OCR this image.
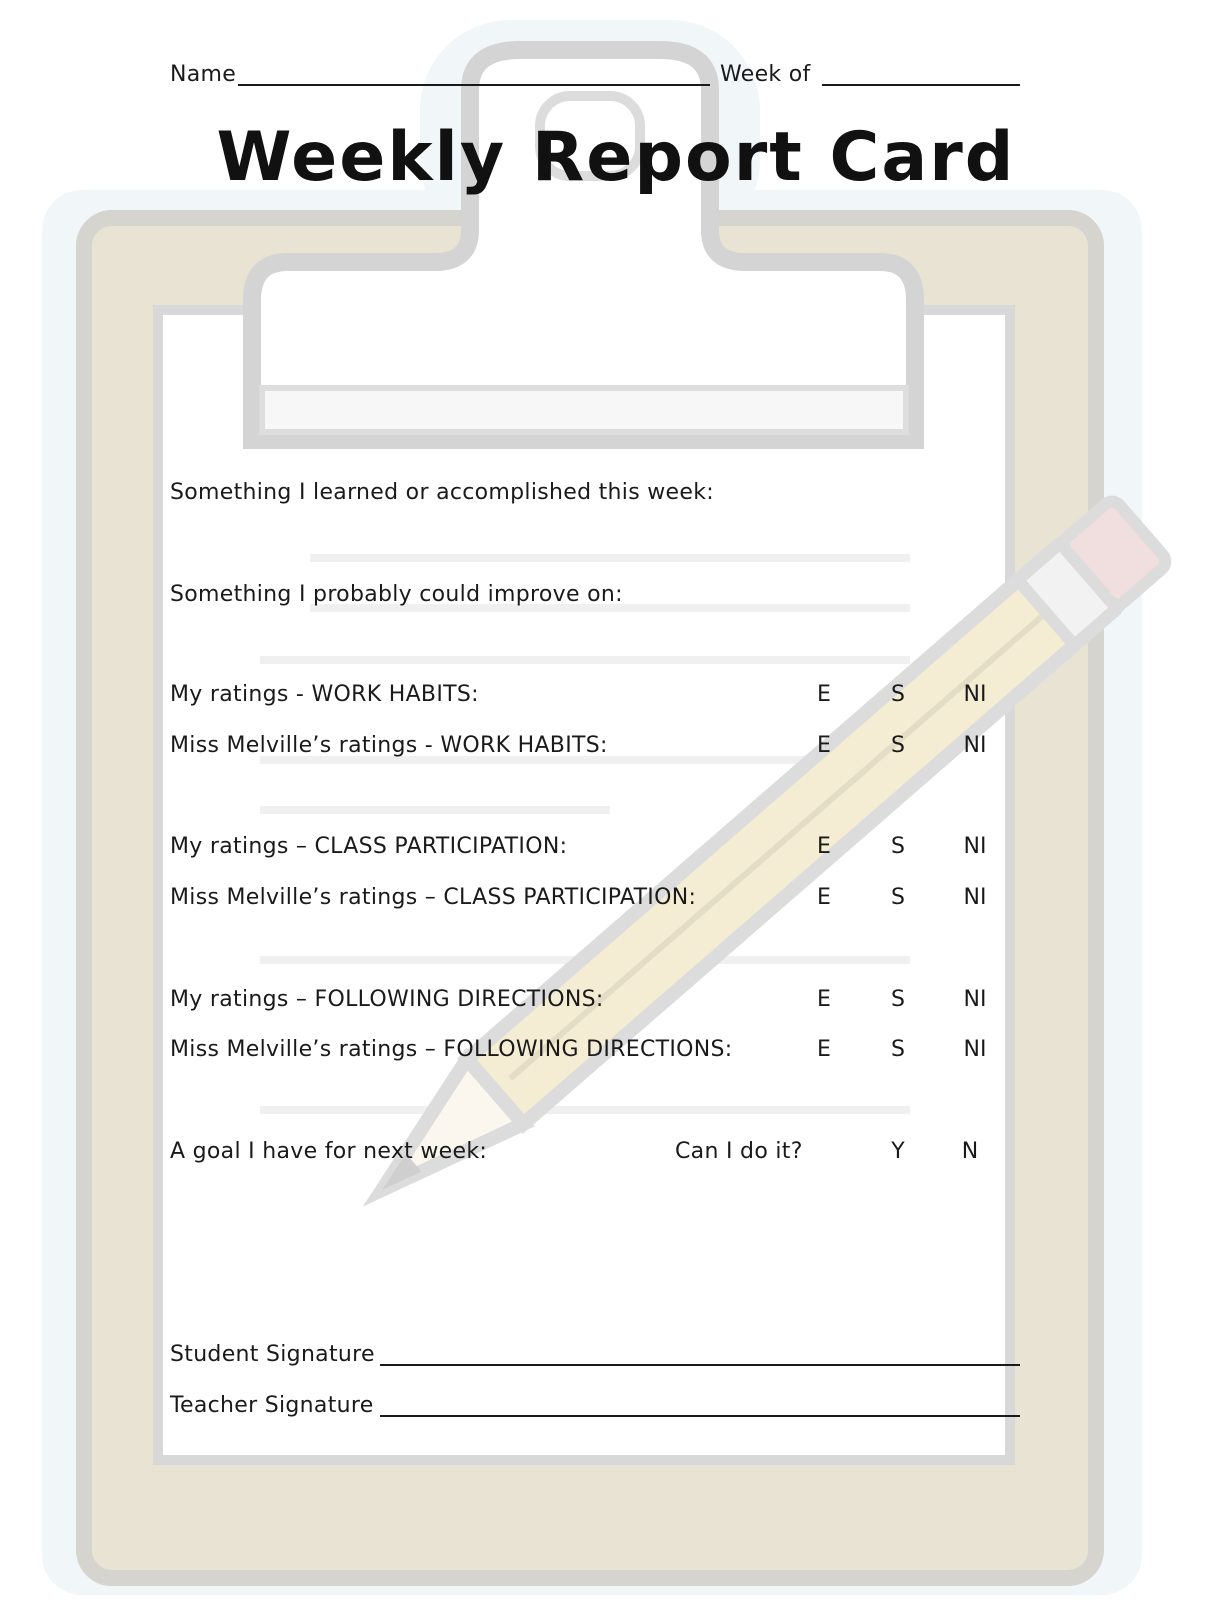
Name	Week of
Weekly Report Card
Something I learned or accomplished this week:
Something I probably could improve on:
My ratings - WORK HABITS:	E	S	NI
Miss Melville’s ratings - WORK HABITS:	E	S	NI
My ratings – CLASS PARTICIPATION:	E	S	NI
Miss Melville’s ratings – CLASS PARTICIPATION:	E	S	NI
My ratings – FOLLOWING DIRECTIONS:	E	S	NI
Miss Melville’s ratings – FOLLOWING DIRECTIONS:	E	S	NI
A goal I have for next week:	Can I do it?	Y	N
Student Signature
Teacher Signature
